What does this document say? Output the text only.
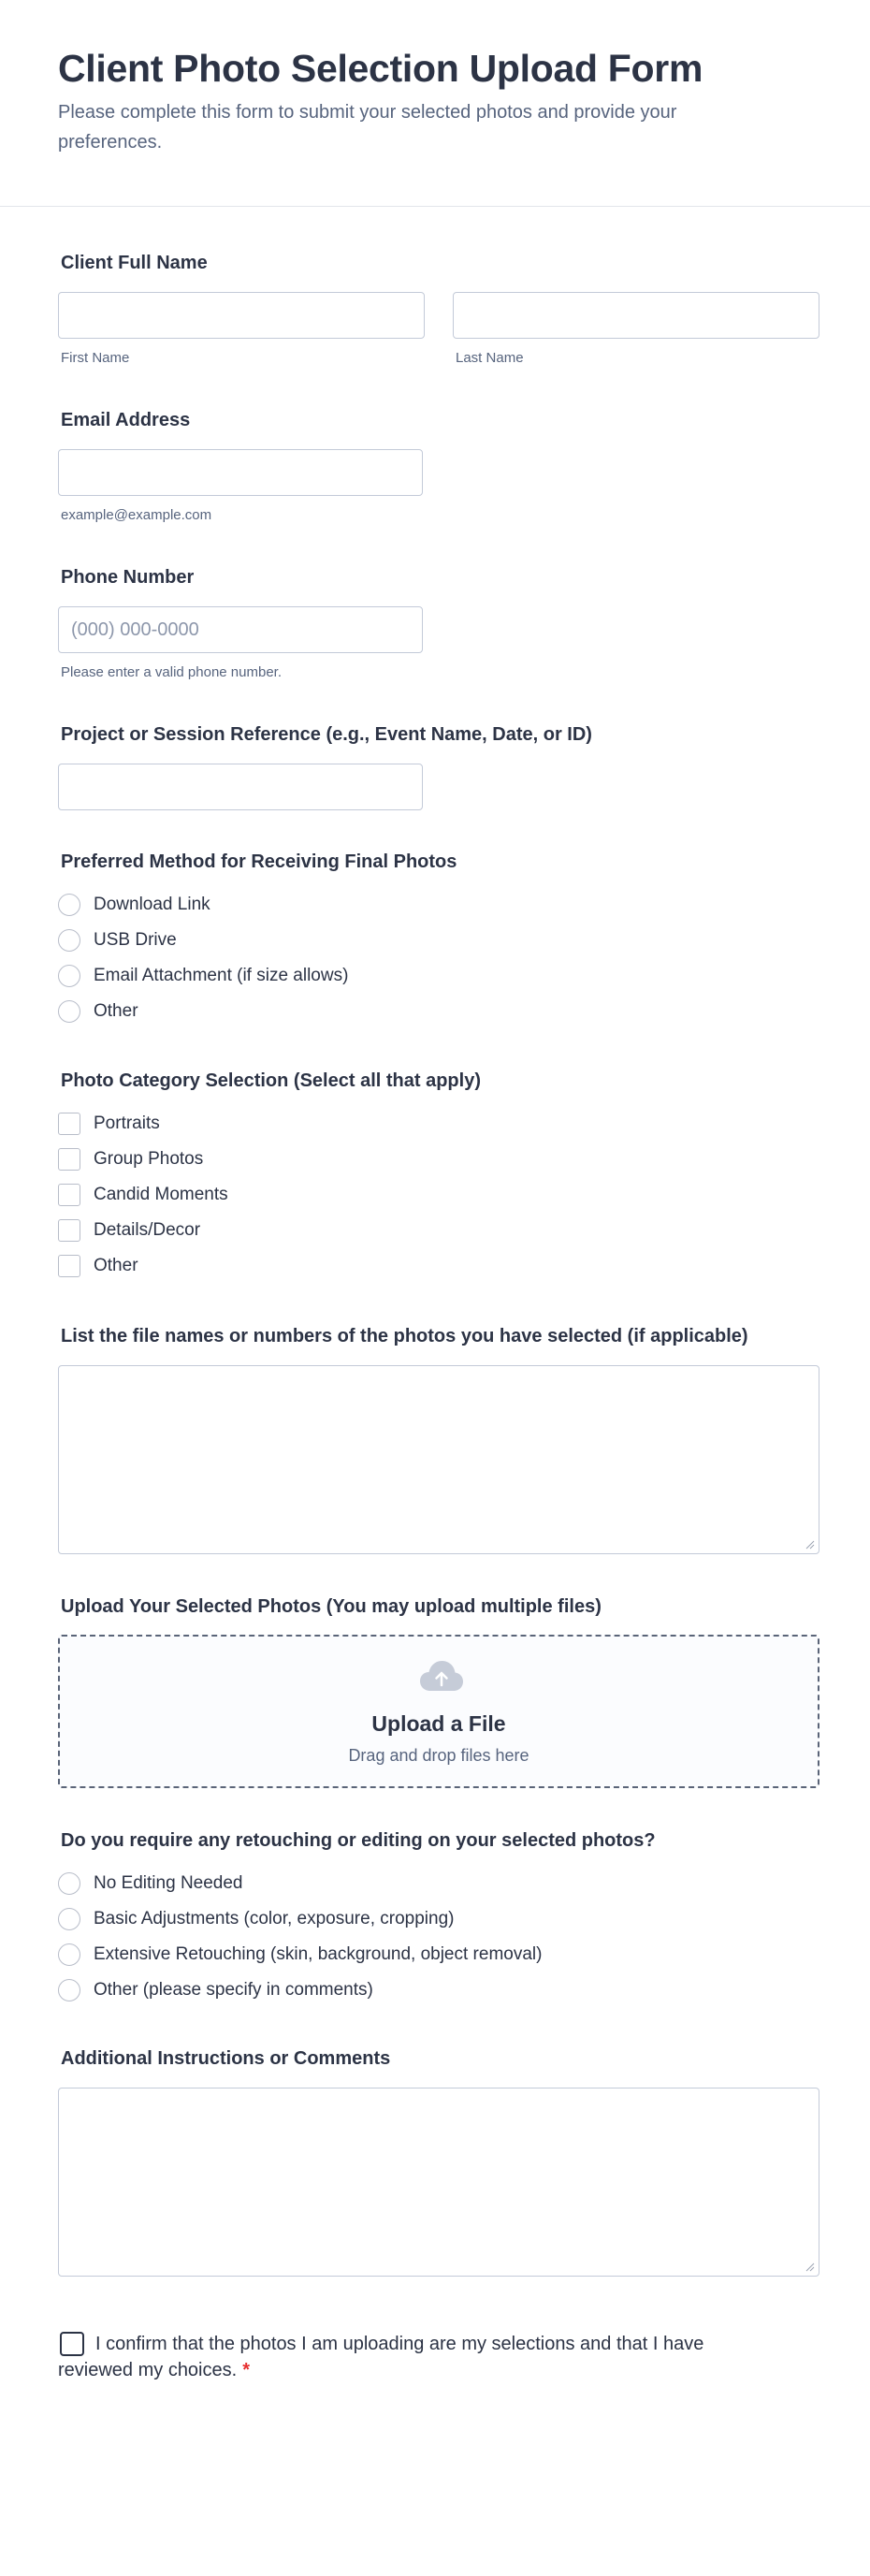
Client Photo Selection Upload Form
Please complete this form to submit your selected photos and provide your preferences.
Client Full Name
First Name	Last Name
Email Address
example@example.com
Phone Number
(000) 000-0000
Please enter a valid phone number.
Project or Session Reference (e.g., Event Name, Date, or ID)
Preferred Method for Receiving Final Photos
Download Link
USB Drive
Email Attachment (if size allows)
Other
Photo Category Selection (Select all that apply)
Portraits
Group Photos
Candid Moments
Details/Decor
Other
List the file names or numbers of the photos you have selected (if applicable)
Upload Your Selected Photos (You may upload multiple files)
Upload a File
Drag and drop files here
Do you require any retouching or editing on your selected photos?
No Editing Needed
Basic Adjustments (color, exposure, cropping)
Extensive Retouching (skin, background, object removal)
Other (please specify in comments)
Additional Instructions or Comments
I confirm that the photos I am uploading are my selections and that I have reviewed my choices. *
